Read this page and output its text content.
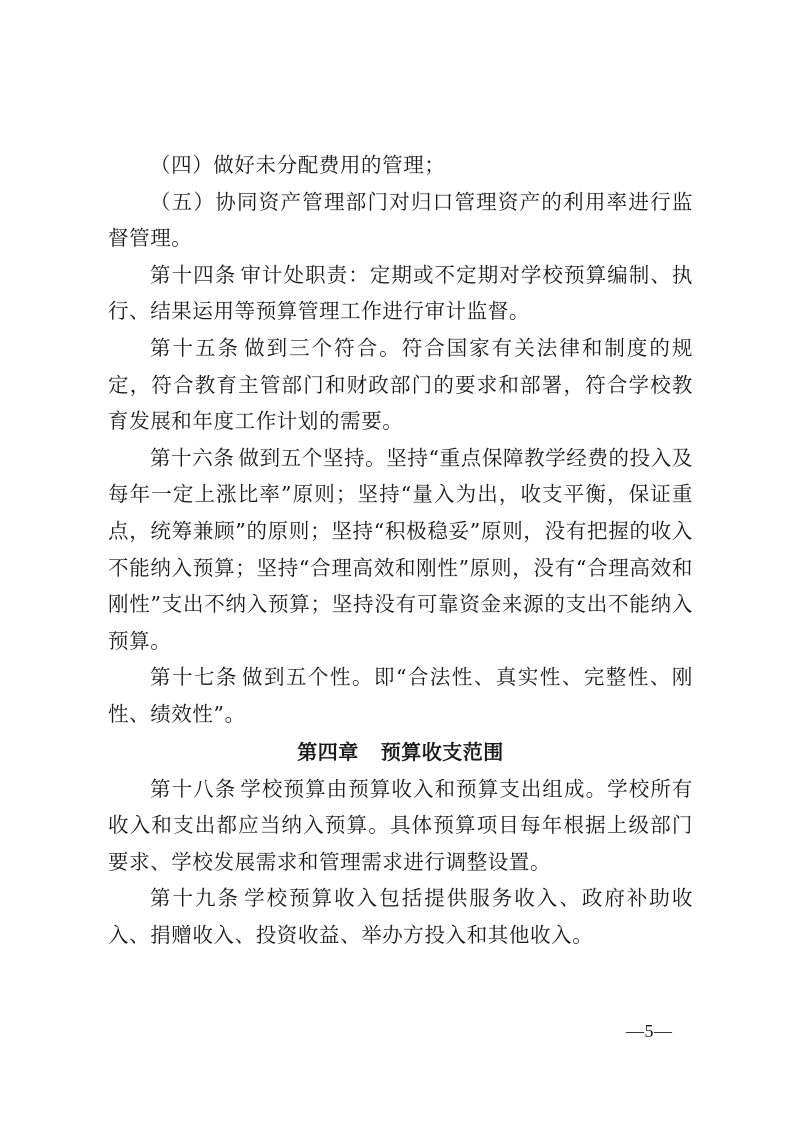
（四）做好未分配费用的管理；

（五）协同资产管理部门对归口管理资产的利用率进行监督管理。

第十四条 审计处职责：定期或不定期对学校预算编制、执行、结果运用等预算管理工作进行审计监督。

第十五条 做到三个符合。符合国家有关法律和制度的规定，符合教育主管部门和财政部门的要求和部署，符合学校教育发展和年度工作计划的需要。

第十六条 做到五个坚持。坚持“重点保障教学经费的投入及每年一定上涨比率”原则；坚持“量入为出，收支平衡，保证重点，统筹兼顾”的原则；坚持“积极稳妥”原则，没有把握的收入不能纳入预算；坚持“合理高效和刚性”原则，没有“合理高效和刚性”支出不纳入预算；坚持没有可靠资金来源的支出不能纳入预算。

第十七条 做到五个性。即“合法性、真实性、完整性、刚性、绩效性”。

第四章 预算收支范围

第十八条 学校预算由预算收入和预算支出组成。学校所有收入和支出都应当纳入预算。具体预算项目每年根据上级部门要求、学校发展需求和管理需求进行调整设置。

第十九条 学校预算收入包括提供服务收入、政府补助收入、捐赠收入、投资收益、举办方投入和其他收入。

—5—
